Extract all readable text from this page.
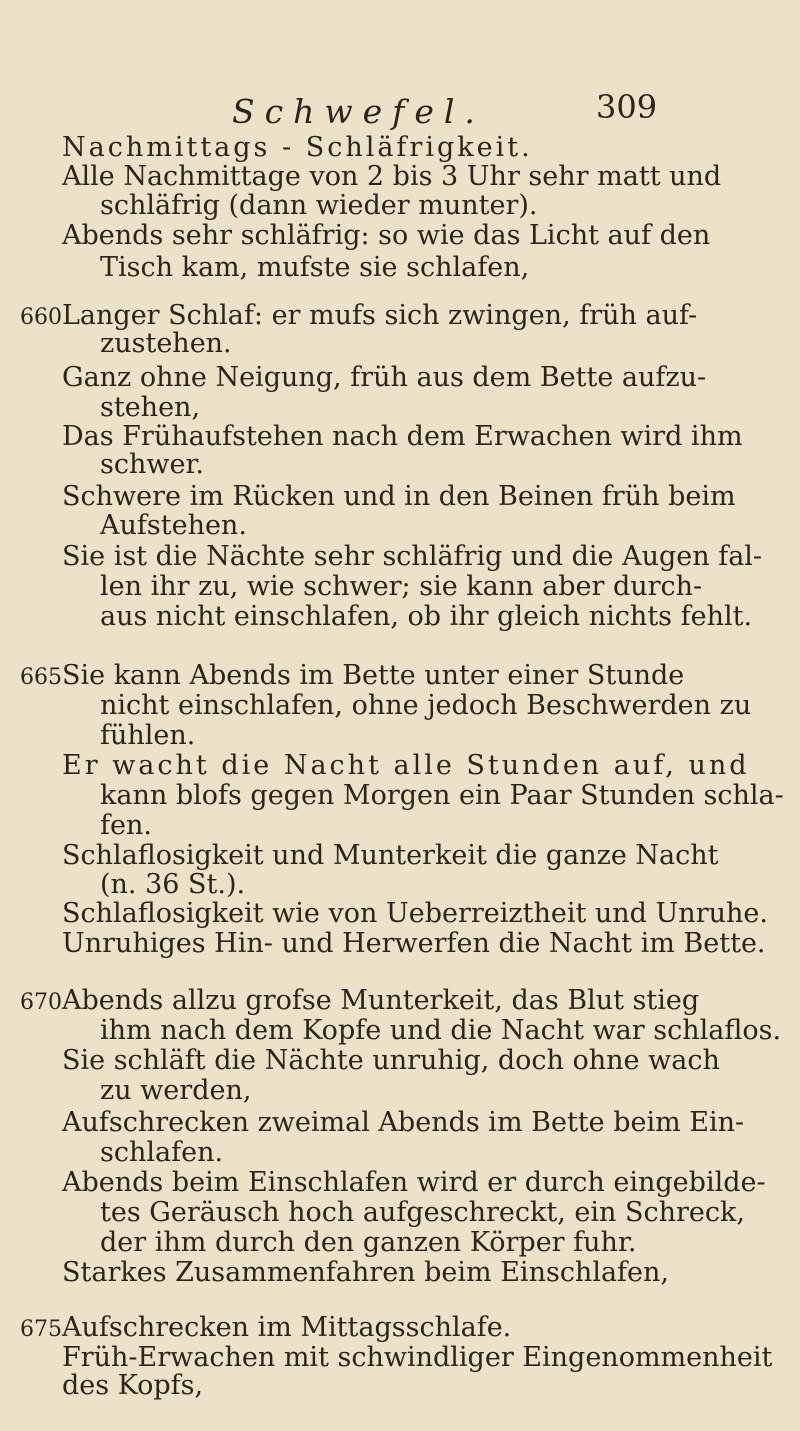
Schwefel.	309
Nachmittags - Schläfrigkeit.
Alle Nachmittage von 2 bis 3 Uhr sehr matt und
schläfrig (dann wieder munter).
Abends sehr schläfrig: so wie das Licht auf den
Tisch kam, mufste sie schlafen,
660 Langer Schlaf: er mufs sich zwingen, früh auf-
zustehen.
Ganz ohne Neigung, früh aus dem Bette aufzu-
stehen,
Das Frühaufstehen nach dem Erwachen wird ihm
schwer.
Schwere im Rücken und in den Beinen früh beim
Aufstehen.
Sie ist die Nächte sehr schläfrig und die Augen fal-
len ihr zu, wie schwer; sie kann aber durch-
aus nicht einschlafen, ob ihr gleich nichts fehlt.
665 Sie kann Abends im Bette unter einer Stunde
nicht einschlafen, ohne jedoch Beschwerden zu
fühlen.
Er wacht die Nacht alle Stunden auf, und
kann blofs gegen Morgen ein Paar Stunden schla-
fen.
Schlaflosigkeit und Munterkeit die ganze Nacht
(n. 36 St.).
Schlaflosigkeit wie von Ueberreiztheit und Unruhe.
Unruhiges Hin- und Herwerfen die Nacht im Bette.
670 Abends allzu grofse Munterkeit, das Blut stieg
ihm nach dem Kopfe und die Nacht war schlaflos.
Sie schläft die Nächte unruhig, doch ohne wach
zu werden,
Aufschrecken zweimal Abends im Bette beim Ein-
schlafen.
Abends beim Einschlafen wird er durch eingebilde-
tes Geräusch hoch aufgeschreckt, ein Schreck,
der ihm durch den ganzen Körper fuhr.
Starkes Zusammenfahren beim Einschlafen,
675 Aufschrecken im Mittagsschlafe.
Früh-Erwachen mit schwindliger Eingenommenheit
des Kopfs,
